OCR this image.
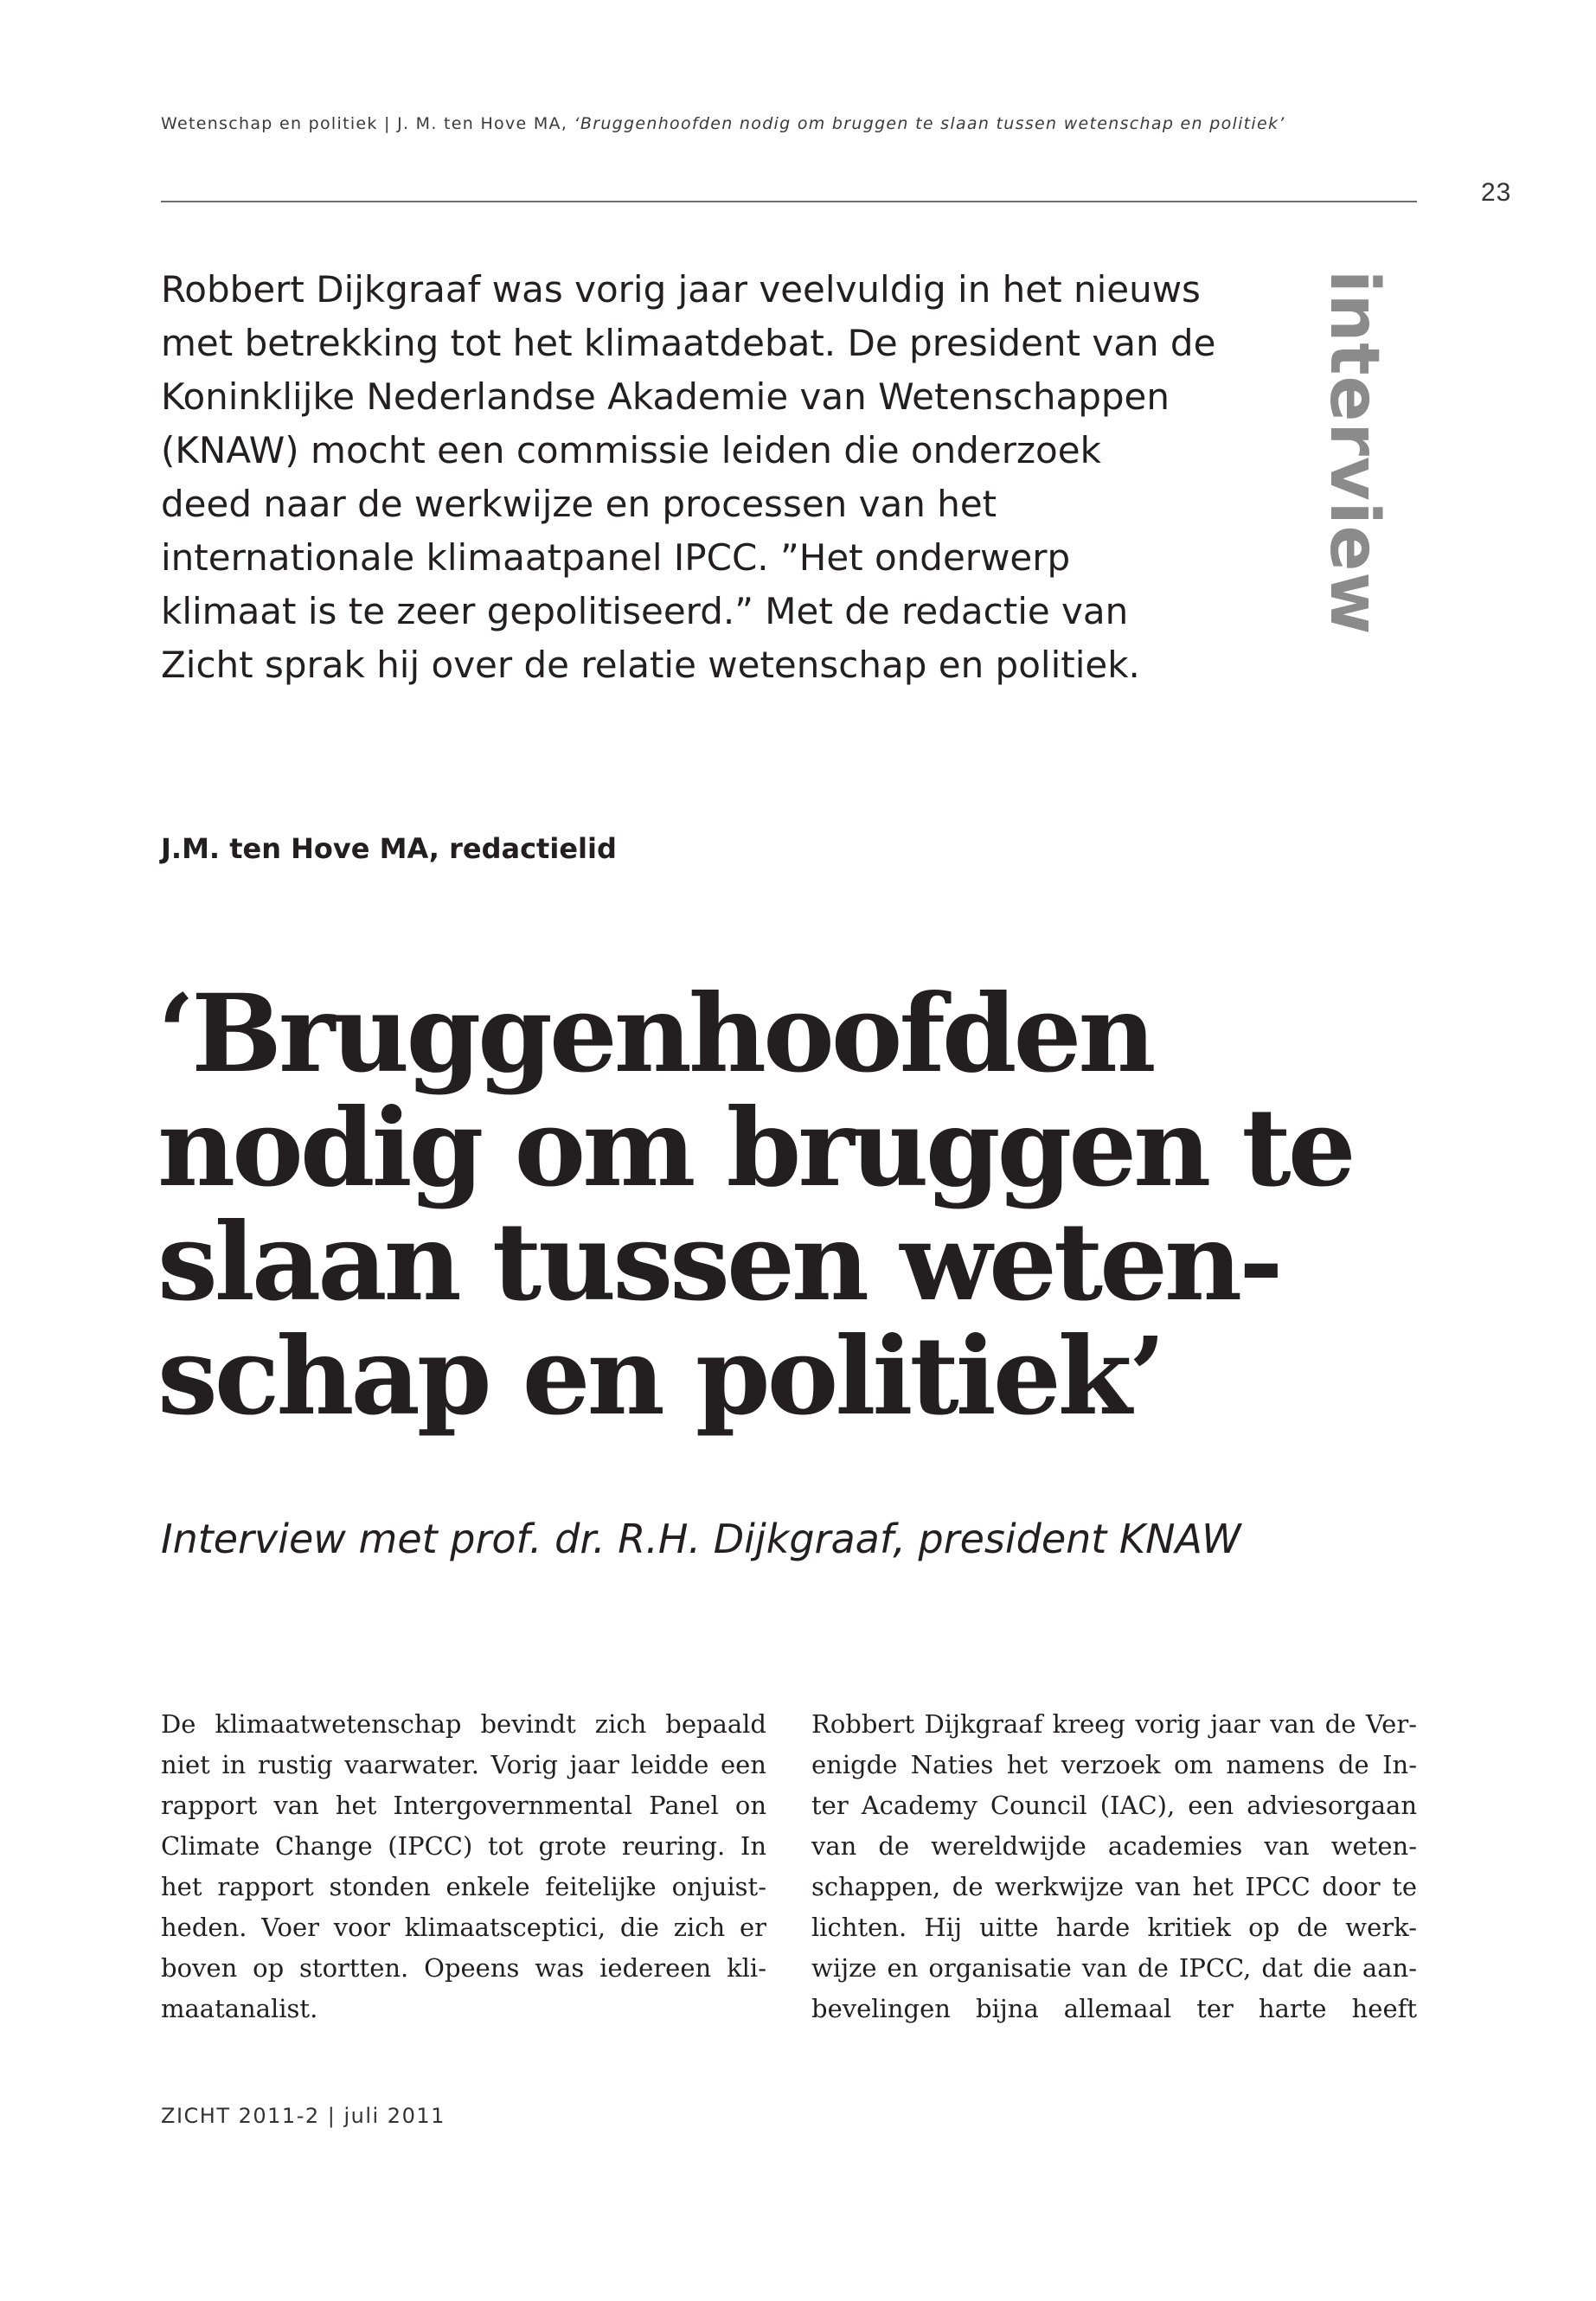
Wetenschap en politiek | J. M. ten Hove MA, ‘Bruggenhoofden nodig om bruggen te slaan tussen wetenschap en politiek’
23

Robbert Dijkgraaf was vorig jaar veelvuldig in het nieuws
met betrekking tot het klimaatdebat. De president van de
Koninklijke Nederlandse Akademie van Wetenschappen
(KNAW) mocht een commissie leiden die onderzoek
deed naar de werkwijze en processen van het
internationale klimaatpanel IPCC. ”Het onderwerp
klimaat is te zeer gepolitiseerd.” Met de redactie van
Zicht sprak hij over de relatie wetenschap en politiek.

interview
J.M. ten Hove MA, redactielid
‘Bruggenhoofden
nodig om bruggen te
slaan tussen weten-
schap en politiek’

Interview met prof. dr. R.H. Dijkgraaf, president KNAW

De klimaatwetenschap bevindt zich bepaald
niet in rustig vaarwater. Vorig jaar leidde een
rapport van het Intergovernmental Panel on
Climate Change (IPCC) tot grote reuring. In
het rapport stonden enkele feitelijke onjuist-
heden. Voer voor klimaatsceptici, die zich er
boven op stortten. Opeens was iedereen kli-
maatanalist.

Robbert Dijkgraaf kreeg vorig jaar van de Ver-
enigde Naties het verzoek om namens de In-
ter Academy Council (IAC), een adviesorgaan
van de wereldwijde academies van weten-
schappen, de werkwijze van het IPCC door te
lichten. Hij uitte harde kritiek op de werk-
wijze en organisatie van de IPCC, dat die aan-
bevelingen bijna allemaal ter harte heeft

ZICHT 2011-2 | juli 2011
